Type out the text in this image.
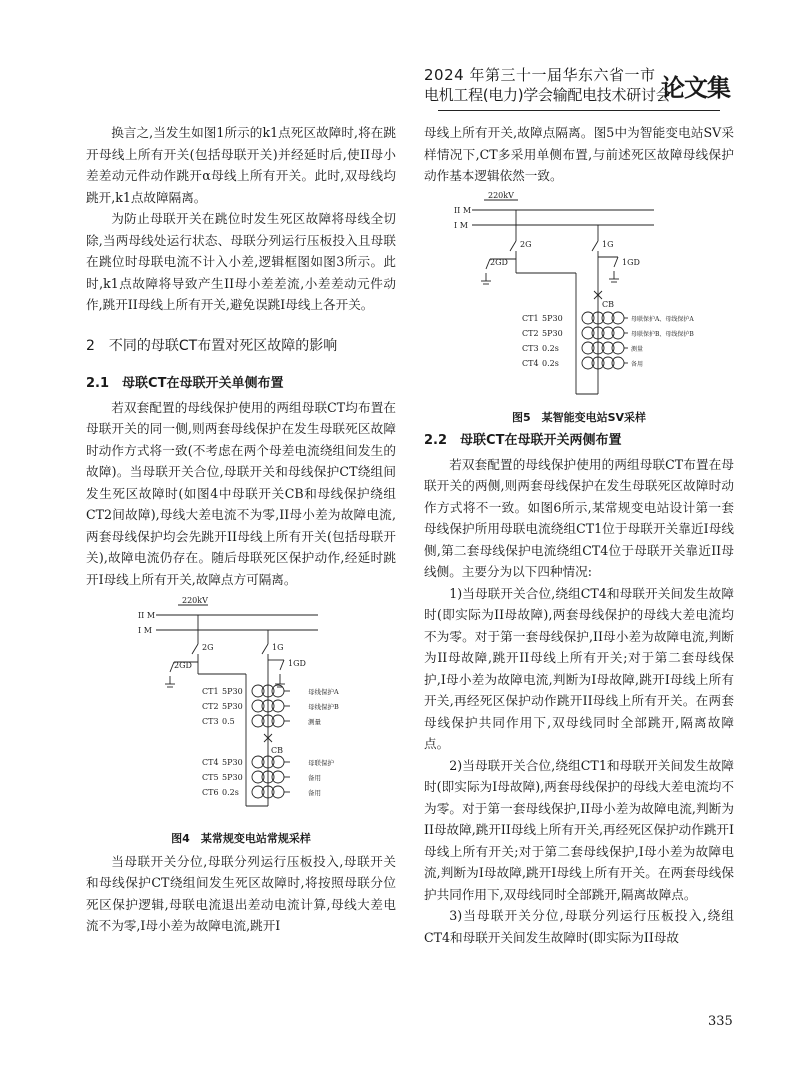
2024 年第三十一届华东六省一市
电机工程(电力)学会输配电技术研讨会
论文集

换言之,当发生如图1所示的k1点死区故障时,将在跳开母线上所有开关(包括母联开关)并经延时后,使II母小差差动元件动作跳开α母线上所有开关。此时,双母线均跳开,k1点故障隔离。

为防止母联开关在跳位时发生死区故障将母线全切除,当两母线处运行状态、母联分列运行压板投入且母联在跳位时母联电流不计入小差,逻辑框图如图3所示。此时,k1点故障将导致产生II母小差差流,小差差动元件动作,跳开II母线上所有开关,避免误跳I母线上各开关。

2　不同的母联CT布置对死区故障的影响
2.1　母联CT在母联开关单侧布置

若双套配置的母线保护使用的两组母联CT均布置在母联开关的同一侧,则两套母线保护在发生母联死区故障时动作方式将一致(不考虑在两个母差电流绕组间发生的故障)。当母联开关合位,母联开关和母线保护CT绕组间发生死区故障时(如图4中母联开关CB和母线保护绕组CT2间故障),母线大差电流不为零,II母小差为故障电流,两套母线保护均会先跳开II母线上所有开关(包括母联开关),故障电流仍存在。随后母联死区保护动作,经延时跳开I母线上所有开关,故障点方可隔离。

220kV
II M
I M
2G
2GD
1G
1GD
CB
CT1 5P30	母线保护A
CT2 5P30	母线保护B
CT3 0.5	测量
CT4 5P30	母联保护
CT5 5P30	备用
CT6 0.2s	备用
图4　某常规变电站常规采样

当母联开关分位,母联分列运行压板投入,母联开关和母线保护CT绕组间发生死区故障时,将按照母联分位死区保护逻辑,母联电流退出差动电流计算,母线大差电流不为零,I母小差为故障电流,跳开I

母线上所有开关,故障点隔离。图5中为智能变电站SV采样情况下,CT多采用单侧布置,与前述死区故障母线保护动作基本逻辑依然一致。

220kV
II M
I M
2G
2GD
1G
1GD
CB
CT1 5P30	母联保护A、母线保护A
CT2 5P30	母联保护B、母线保护B
CT3 0.2s	测量
CT4 0.2s	备用
图5　某智能变电站SV采样
2.2　母联CT在母联开关两侧布置

若双套配置的母线保护使用的两组母联CT布置在母联开关的两侧,则两套母线保护在发生母联死区故障时动作方式将不一致。如图6所示,某常规变电站设计第一套母线保护所用母联电流绕组CT1位于母联开关靠近I母线侧,第二套母线保护电流绕组CT4位于母联开关靠近II母线侧。主要分为以下四种情况:

1)当母联开关合位,绕组CT4和母联开关间发生故障时(即实际为II母故障),两套母线保护的母线大差电流均不为零。对于第一套母线保护,II母小差为故障电流,判断为II母故障,跳开II母线上所有开关;对于第二套母线保护,I母小差为故障电流,判断为I母故障,跳开I母线上所有开关,再经死区保护动作跳开II母线上所有开关。在两套母线保护共同作用下,双母线同时全部跳开,隔离故障点。

2)当母联开关合位,绕组CT1和母联开关间发生故障时(即实际为I母故障),两套母线保护的母线大差电流均不为零。对于第一套母线保护,II母小差为故障电流,判断为II母故障,跳开II母线上所有开关,再经死区保护动作跳开I母线上所有开关;对于第二套母线保护,I母小差为故障电流,判断为I母故障,跳开I母线上所有开关。在两套母线保护共同作用下,双母线同时全部跳开,隔离故障点。

3)当母联开关分位,母联分列运行压板投入,绕组CT4和母联开关间发生故障时(即实际为II母故

335
